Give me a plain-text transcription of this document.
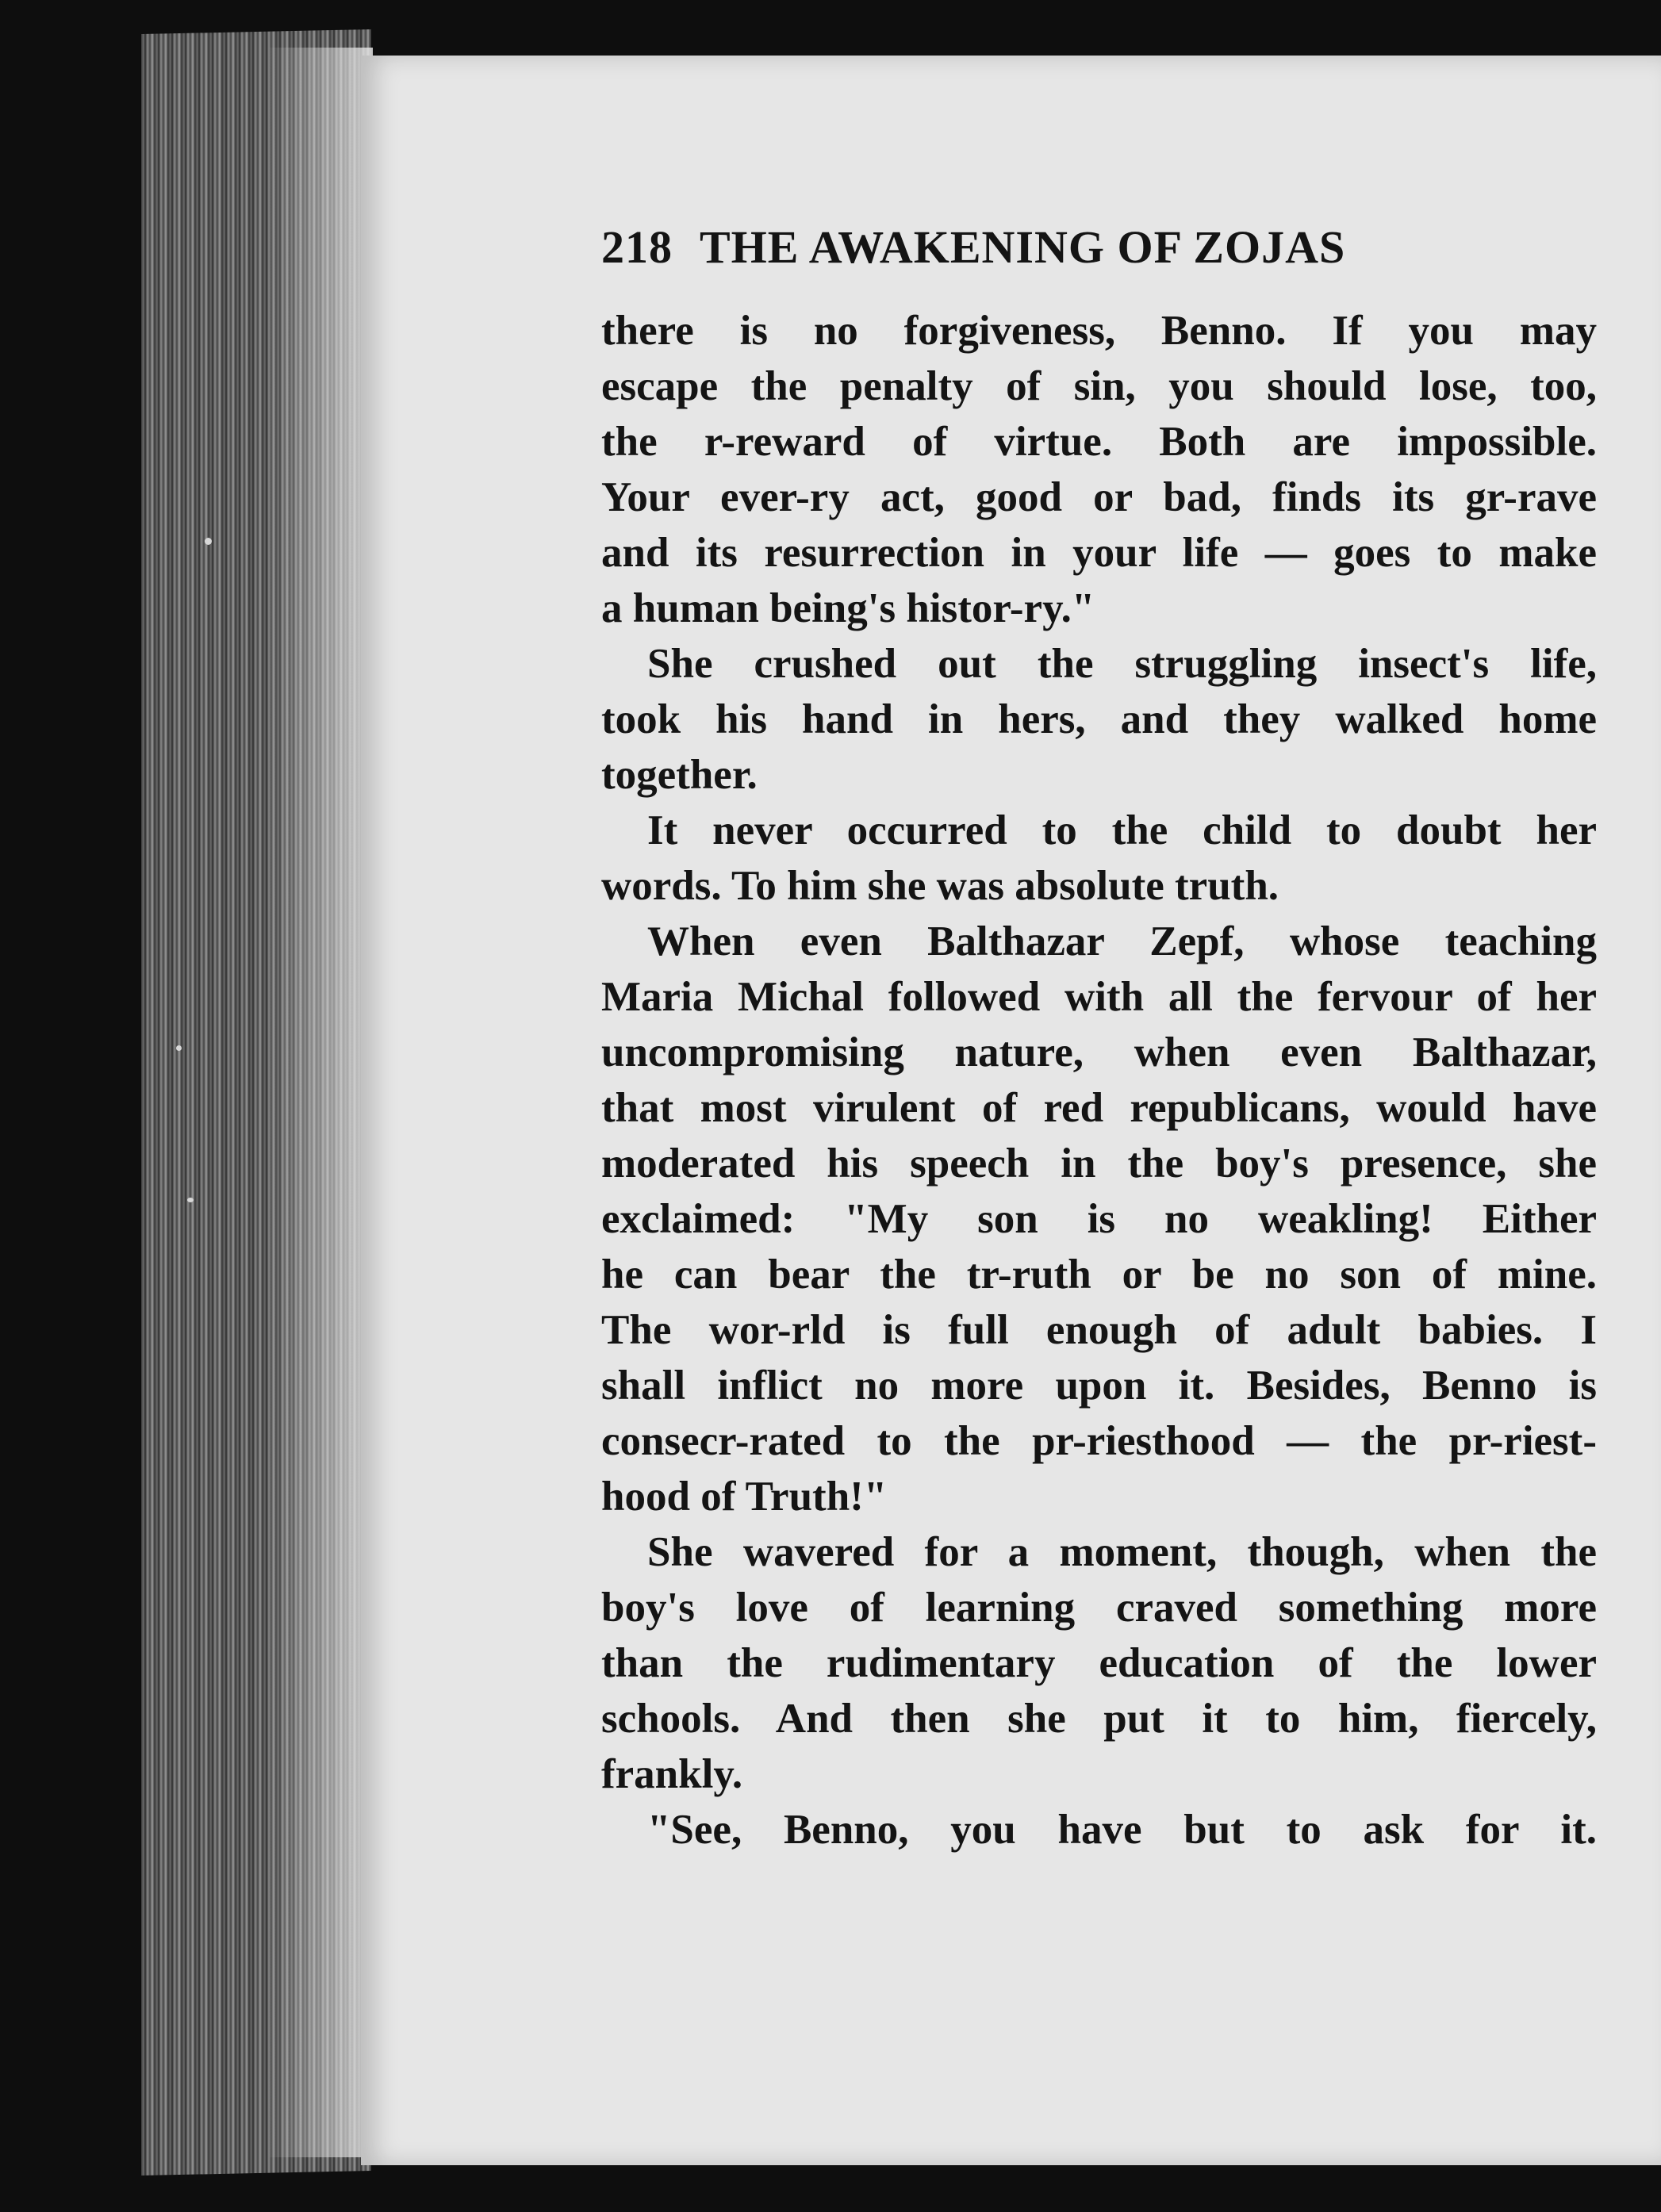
218 THE AWAKENING OF ZOJAS
there is no forgiveness, Benno. If you may
escape the penalty of sin, you should lose, too,
the r-reward of virtue. Both are impossible.
Your ever-ry act, good or bad, finds its gr-rave
and its resurrection in your life — goes to make
a human being's histor-ry."
She crushed out the struggling insect's life,
took his hand in hers, and they walked home
together.
It never occurred to the child to doubt her
words. To him she was absolute truth.
When even Balthazar Zepf, whose teaching
Maria Michal followed with all the fervour of her
uncompromising nature, when even Balthazar,
that most virulent of red republicans, would have
moderated his speech in the boy's presence, she
exclaimed: "My son is no weakling! Either
he can bear the tr-ruth or be no son of mine.
The wor-rld is full enough of adult babies. I
shall inflict no more upon it. Besides, Benno is
consecr-rated to the pr-riesthood — the pr-riest-
hood of Truth!"
She wavered for a moment, though, when the
boy's love of learning craved something more
than the rudimentary education of the lower
schools. And then she put it to him, fiercely,
frankly.
"See, Benno, you have but to ask for it.
